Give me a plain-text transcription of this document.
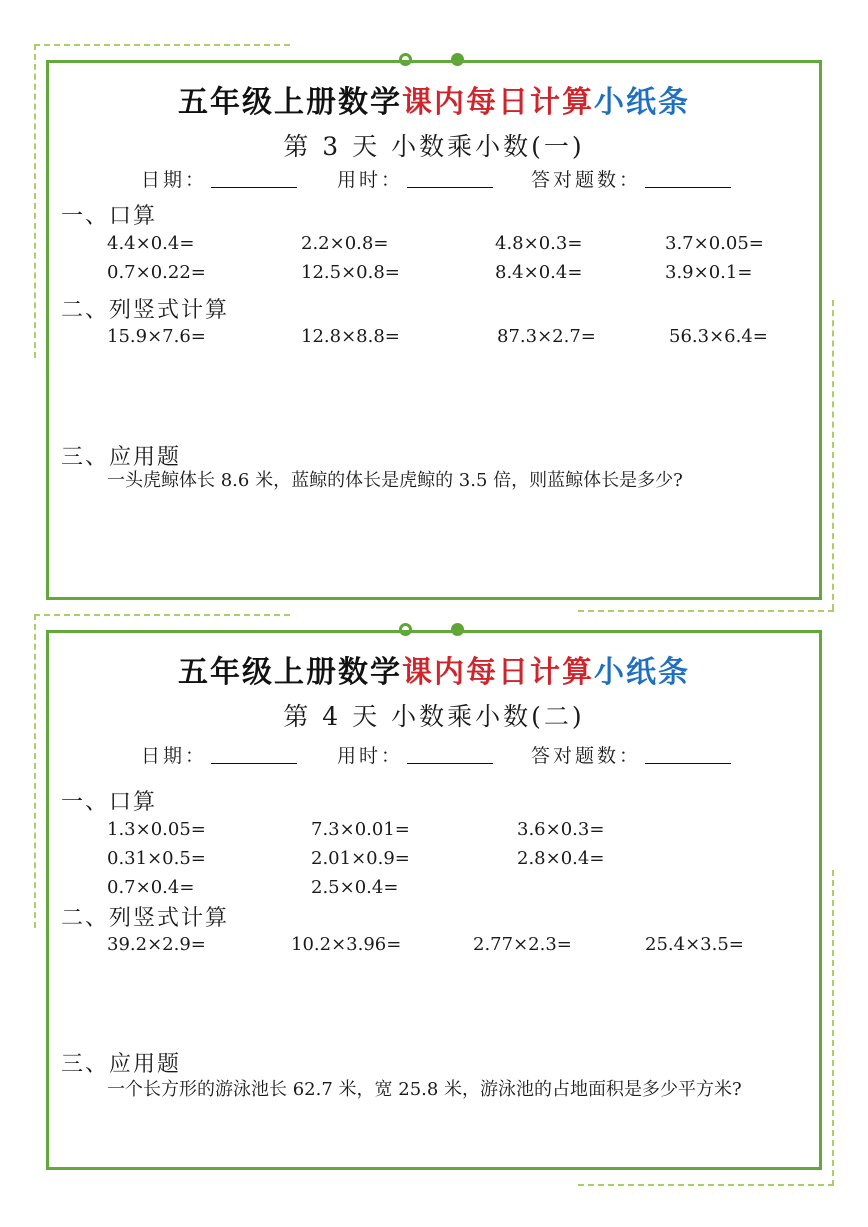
五年级上册数学课内每日计算小纸条
第 3 天 小数乘小数(一)
日期：	用时：	答对题数：
一、口算
4.4×0.4=	2.2×0.8=	4.8×0.3=	3.7×0.05=
0.7×0.22=	12.5×0.8=	8.4×0.4=	3.9×0.1=
二、列竖式计算
15.9×7.6=	12.8×8.8=	87.3×2.7=	56.3×6.4=
三、应用题
一头虎鲸体长 8.6 米，蓝鲸的体长是虎鲸的 3.5 倍，则蓝鲸体长是多少?
五年级上册数学课内每日计算小纸条
第 4 天 小数乘小数(二)
日期：	用时：	答对题数：
一、口算
1.3×0.05=	7.3×0.01=	3.6×0.3=
0.31×0.5=	2.01×0.9=	2.8×0.4=
0.7×0.4=	2.5×0.4=
二、列竖式计算
39.2×2.9=	10.2×3.96=	2.77×2.3=	25.4×3.5=
三、应用题
一个长方形的游泳池长 62.7 米，宽 25.8 米，游泳池的占地面积是多少平方米?
